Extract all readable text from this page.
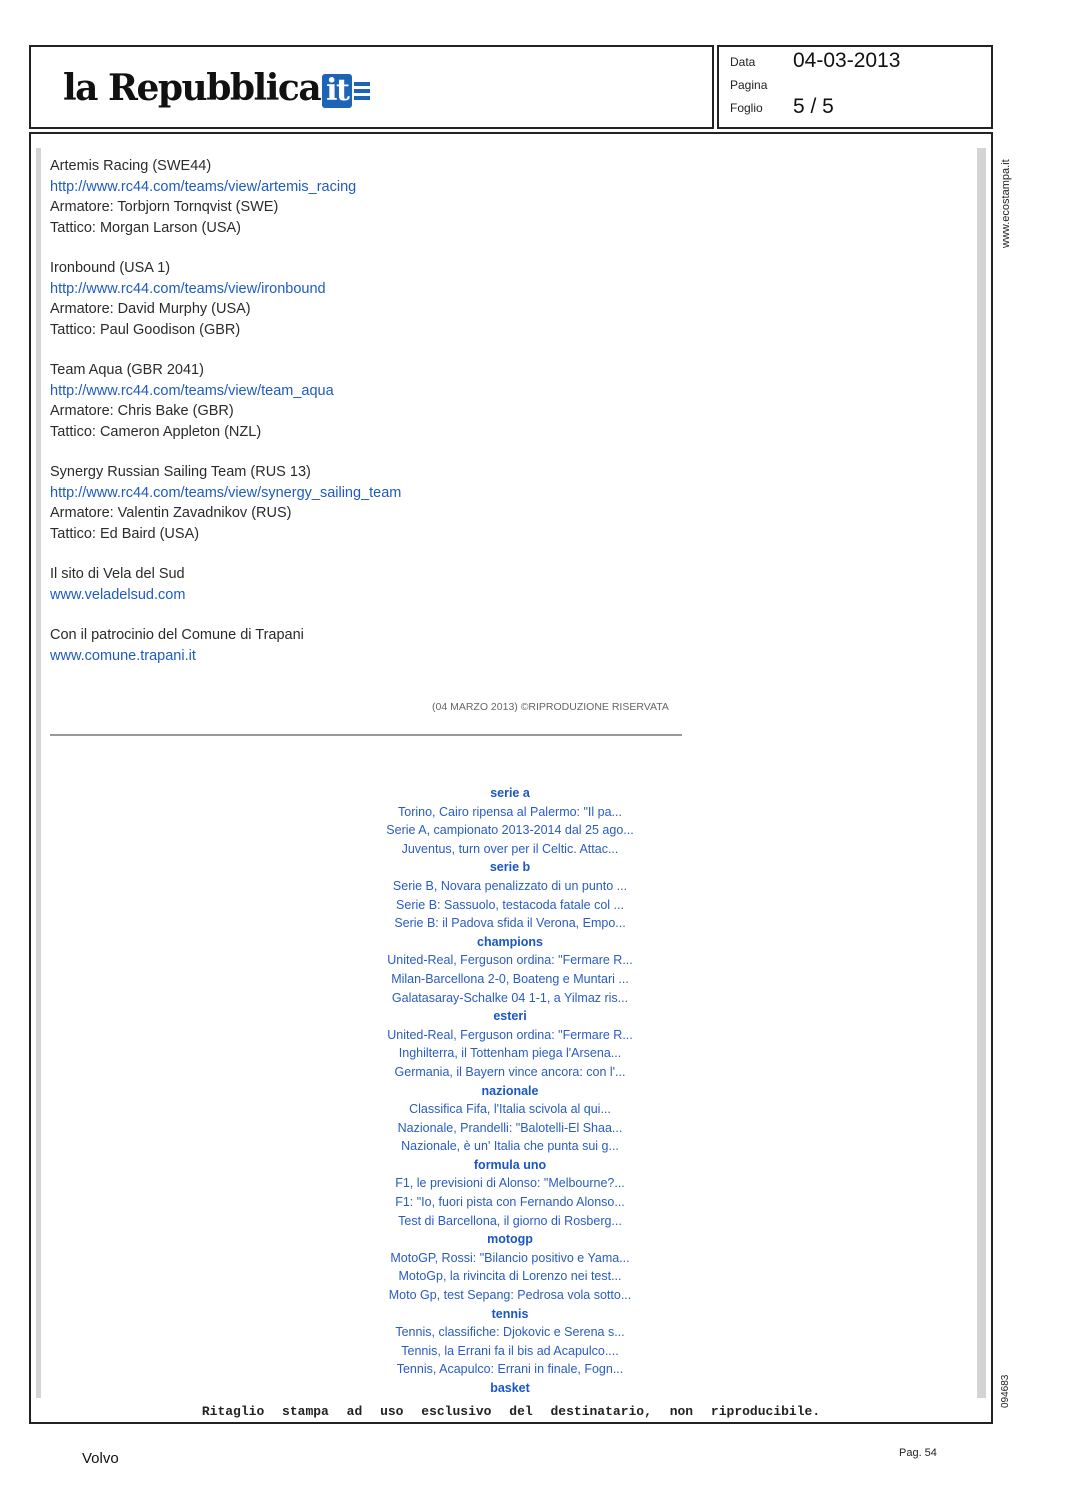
la Repubblica it
Data 04-03-2013
Pagina
Foglio 5 / 5
www.ecostampa.it
094683
Artemis Racing (SWE44)
http://www.rc44.com/teams/view/artemis_racing
Armatore: Torbjorn Tornqvist (SWE)
Tattico: Morgan Larson (USA)
Ironbound (USA 1)
http://www.rc44.com/teams/view/ironbound
Armatore: David Murphy (USA)
Tattico: Paul Goodison (GBR)
Team Aqua (GBR 2041)
http://www.rc44.com/teams/view/team_aqua
Armatore: Chris Bake (GBR)
Tattico: Cameron Appleton (NZL)
Synergy Russian Sailing Team (RUS 13)
http://www.rc44.com/teams/view/synergy_sailing_team
Armatore: Valentin Zavadnikov (RUS)
Tattico: Ed Baird (USA)
Il sito di Vela del Sud
www.veladelsud.com
Con il patrocinio del Comune di Trapani
www.comune.trapani.it
(04 MARZO 2013) ©RIPRODUZIONE RISERVATA
serie a
Torino, Cairo ripensa al Palermo: "Il pa...
Serie A, campionato 2013-2014 dal 25 ago...
Juventus, turn over per il Celtic. Attac...
serie b
Serie B, Novara penalizzato di un punto ...
Serie B: Sassuolo, testacoda fatale col ...
Serie B: il Padova sfida il Verona, Empo...
champions
United-Real, Ferguson ordina: "Fermare R...
Milan-Barcellona 2-0, Boateng e Muntari ...
Galatasaray-Schalke 04 1-1, a Yilmaz ris...
esteri
United-Real, Ferguson ordina: "Fermare R...
Inghilterra, il Tottenham piega l'Arsena...
Germania, il Bayern vince ancora: con l'...
nazionale
Classifica Fifa, l'Italia scivola al qui...
Nazionale, Prandelli: "Balotelli-El Shaa...
Nazionale, è un' Italia che punta sui g...
formula uno
F1, le previsioni di Alonso: "Melbourne?...
F1: "Io, fuori pista con Fernando Alonso...
Test di Barcellona, il giorno di Rosberg...
motogp
MotoGP, Rossi: "Bilancio positivo e Yama...
MotoGp, la rivincita di Lorenzo nei test...
Moto Gp, test Sepang: Pedrosa vola sotto...
tennis
Tennis, classifiche: Djokovic e Serena s...
Tennis, la Errani fa il bis ad Acapulco....
Tennis, Acapulco: Errani in finale, Fogn...
basket
Ritaglio stampa ad uso esclusivo del destinatario, non riproducibile.
Volvo	Pag. 54
